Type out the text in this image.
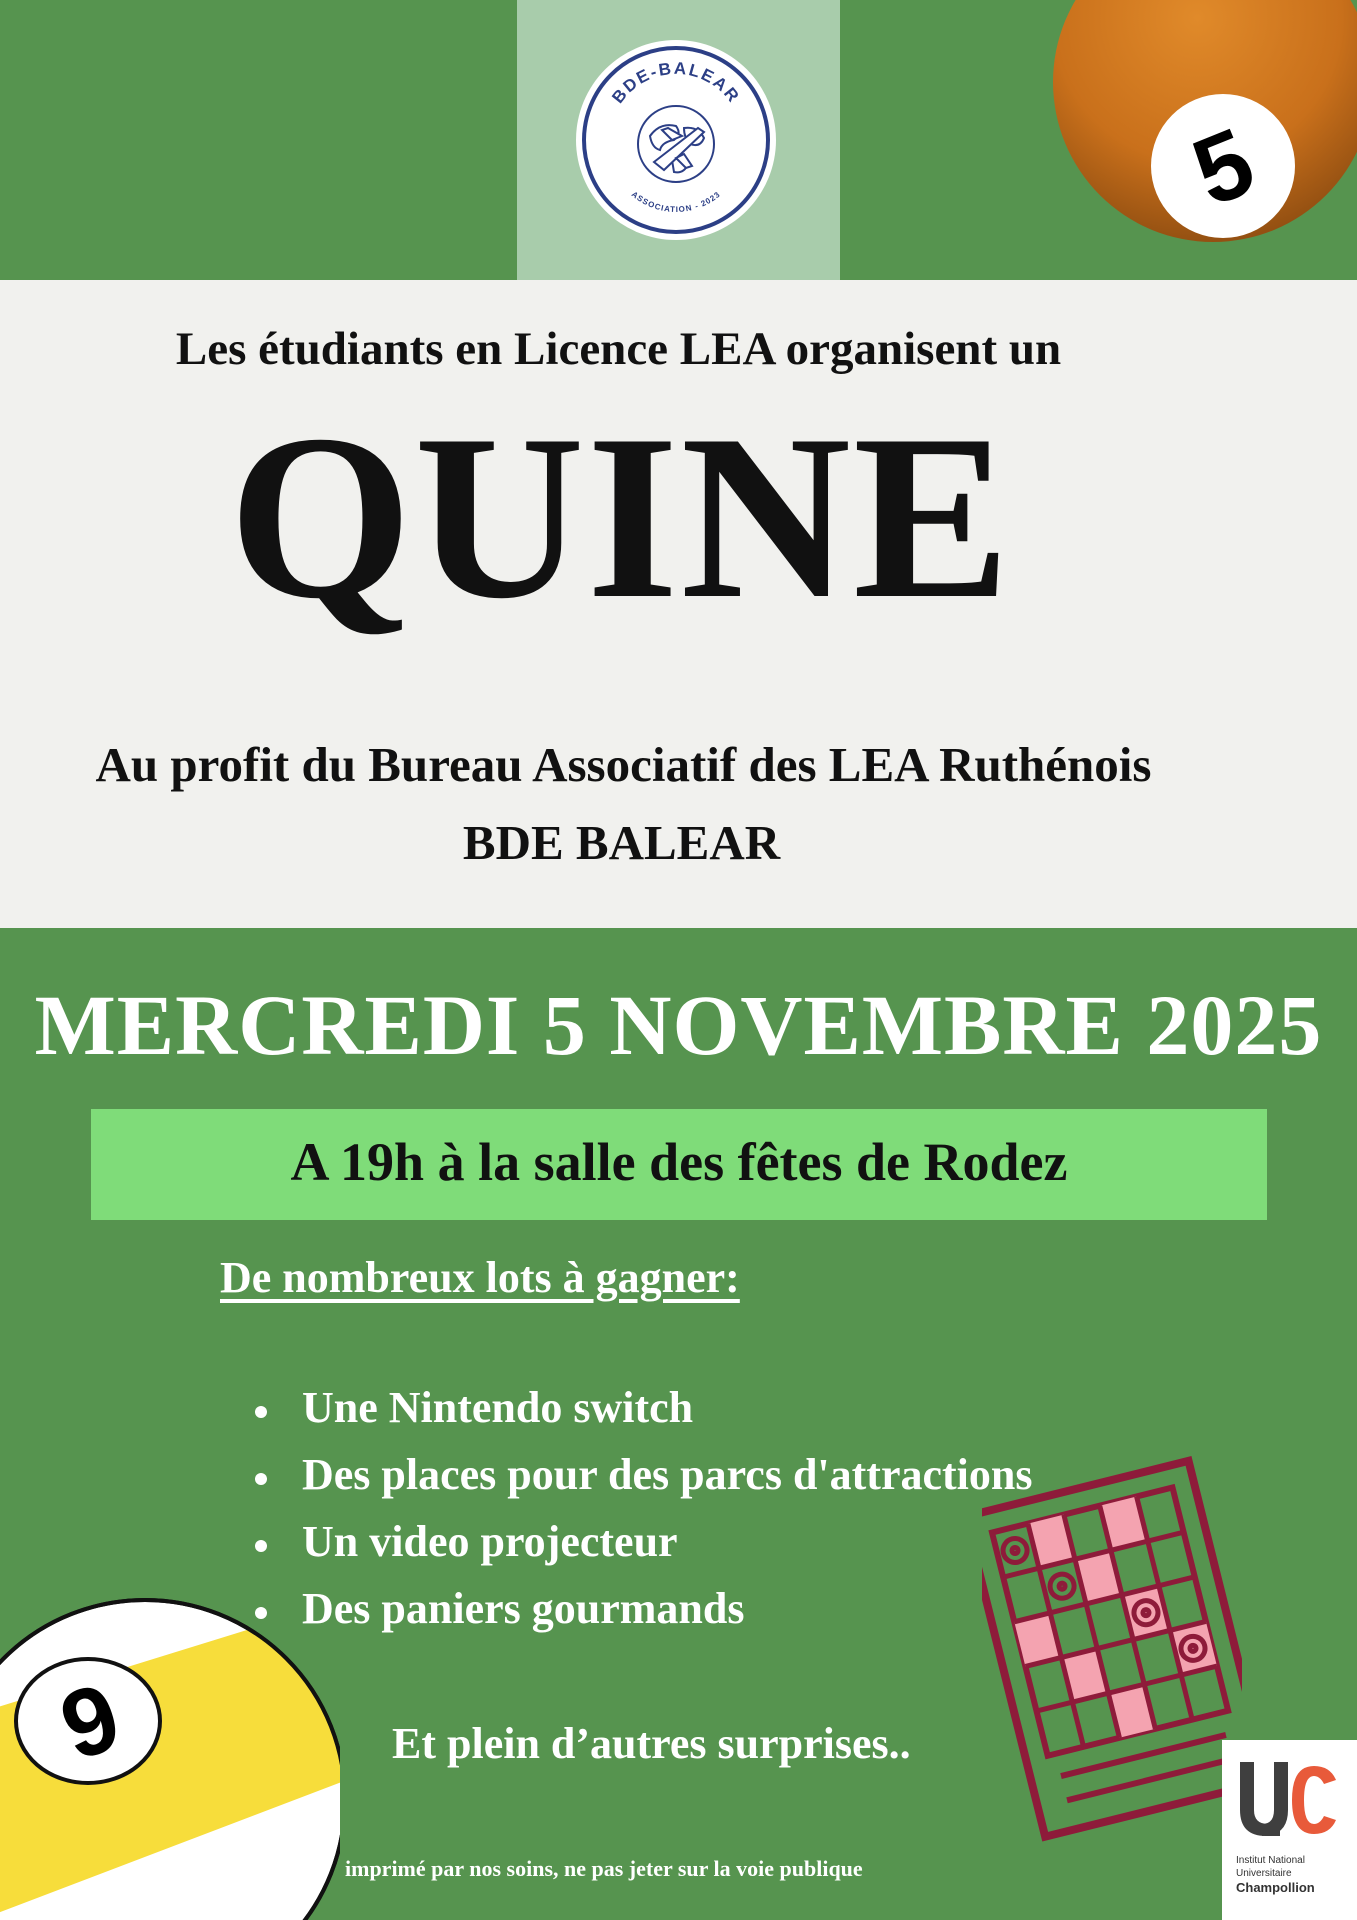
BDE-BALEAR
ASSOCIATION - 2023	5

Les étudiants en Licence LEA organisent un

QUINE

Au profit du Bureau Associatif des LEA Ruthénois

BDE BALEAR

MERCREDI 5 NOVEMBRE 2025

A 19h à la salle des fêtes de Rodez

De nombreux lots à gagner:

Une Nintendo switch
Des places pour des parcs d'attractions
Un video projecteur
Des paniers gourmands
9	Et plein d’autres surprises..

imprimé par nos soins, ne pas jeter sur la voie publique	Institut National
Universitaire
Champollion
